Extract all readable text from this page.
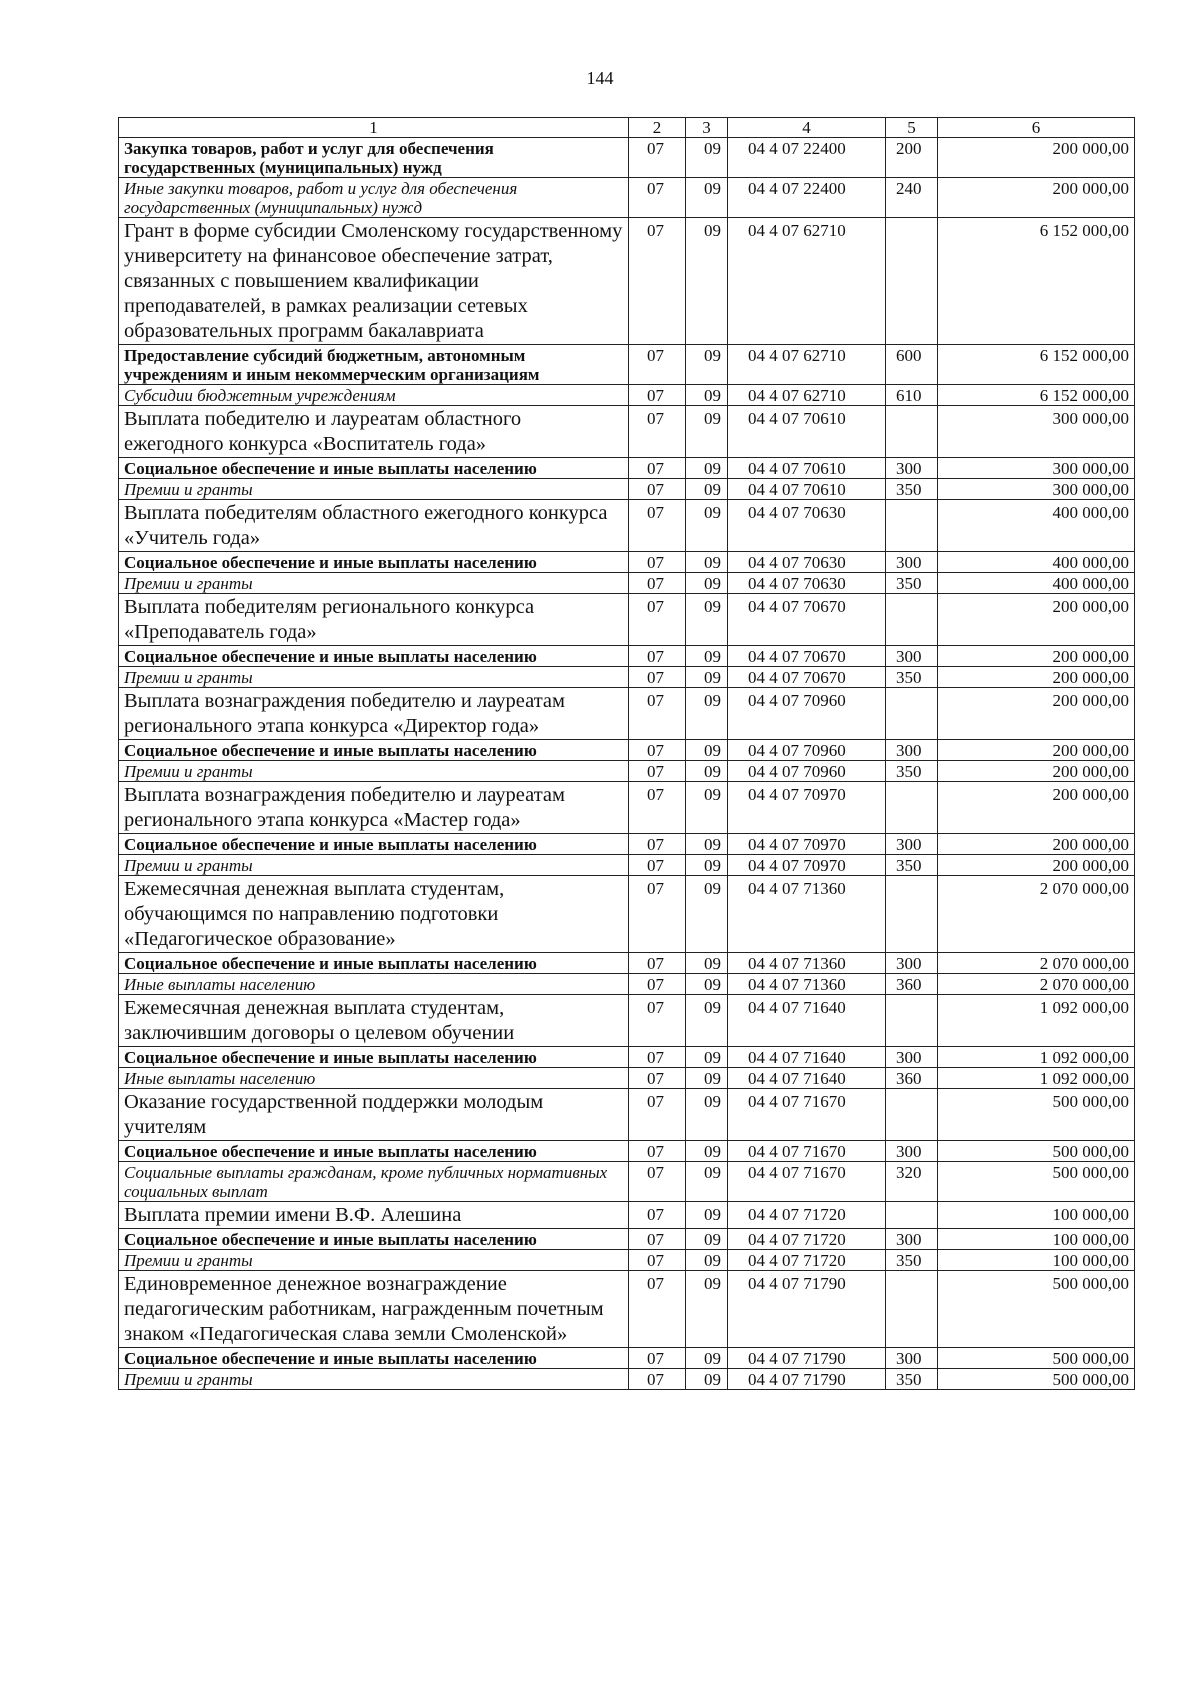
144
1	2	3	4	5	6
Закупка товаров, работ и услуг для обеспечения государственных (муниципальных) нужд	07	09	04 4 07 22400	200	200 000,00
Иные закупки товаров, работ и услуг для обеспечения государственных (муниципальных) нужд	07	09	04 4 07 22400	240	200 000,00
Грант в форме субсидии Смоленскому государственному университету на финансовое обеспечение затрат, связанных с повышением квалификации преподавателей, в рамках реализации сетевых образовательных программ бакалавриата	07	09	04 4 07 62710		6 152 000,00
Предоставление субсидий бюджетным, автономным учреждениям и иным некоммерческим организациям	07	09	04 4 07 62710	600	6 152 000,00
Субсидии бюджетным учреждениям	07	09	04 4 07 62710	610	6 152 000,00
Выплата победителю и лауреатам областного ежегодного конкурса «Воспитатель года»	07	09	04 4 07 70610		300 000,00
Социальное обеспечение и иные выплаты населению	07	09	04 4 07 70610	300	300 000,00
Премии и гранты	07	09	04 4 07 70610	350	300 000,00
Выплата победителям областного ежегодного конкурса «Учитель года»	07	09	04 4 07 70630		400 000,00
Социальное обеспечение и иные выплаты населению	07	09	04 4 07 70630	300	400 000,00
Премии и гранты	07	09	04 4 07 70630	350	400 000,00
Выплата победителям регионального конкурса «Преподаватель года»	07	09	04 4 07 70670		200 000,00
Социальное обеспечение и иные выплаты населению	07	09	04 4 07 70670	300	200 000,00
Премии и гранты	07	09	04 4 07 70670	350	200 000,00
Выплата вознаграждения победителю и лауреатам регионального этапа конкурса «Директор года»	07	09	04 4 07 70960		200 000,00
Социальное обеспечение и иные выплаты населению	07	09	04 4 07 70960	300	200 000,00
Премии и гранты	07	09	04 4 07 70960	350	200 000,00
Выплата вознаграждения победителю и лауреатам регионального этапа конкурса «Мастер года»	07	09	04 4 07 70970		200 000,00
Социальное обеспечение и иные выплаты населению	07	09	04 4 07 70970	300	200 000,00
Премии и гранты	07	09	04 4 07 70970	350	200 000,00
Ежемесячная денежная выплата студентам, обучающимся по направлению подготовки «Педагогическое образование»	07	09	04 4 07 71360		2 070 000,00
Социальное обеспечение и иные выплаты населению	07	09	04 4 07 71360	300	2 070 000,00
Иные выплаты населению	07	09	04 4 07 71360	360	2 070 000,00
Ежемесячная денежная выплата студентам, заключившим договоры о целевом обучении	07	09	04 4 07 71640		1 092 000,00
Социальное обеспечение и иные выплаты населению	07	09	04 4 07 71640	300	1 092 000,00
Иные выплаты населению	07	09	04 4 07 71640	360	1 092 000,00
Оказание государственной поддержки молодым учителям	07	09	04 4 07 71670		500 000,00
Социальное обеспечение и иные выплаты населению	07	09	04 4 07 71670	300	500 000,00
Социальные выплаты гражданам, кроме публичных нормативных социальных выплат	07	09	04 4 07 71670	320	500 000,00
Выплата премии имени В.Ф. Алешина	07	09	04 4 07 71720		100 000,00
Социальное обеспечение и иные выплаты населению	07	09	04 4 07 71720	300	100 000,00
Премии и гранты	07	09	04 4 07 71720	350	100 000,00
Единовременное денежное вознаграждение педагогическим работникам, награжденным почетным знаком «Педагогическая слава земли Смоленской»	07	09	04 4 07 71790		500 000,00
Социальное обеспечение и иные выплаты населению	07	09	04 4 07 71790	300	500 000,00
Премии и гранты	07	09	04 4 07 71790	350	500 000,00
